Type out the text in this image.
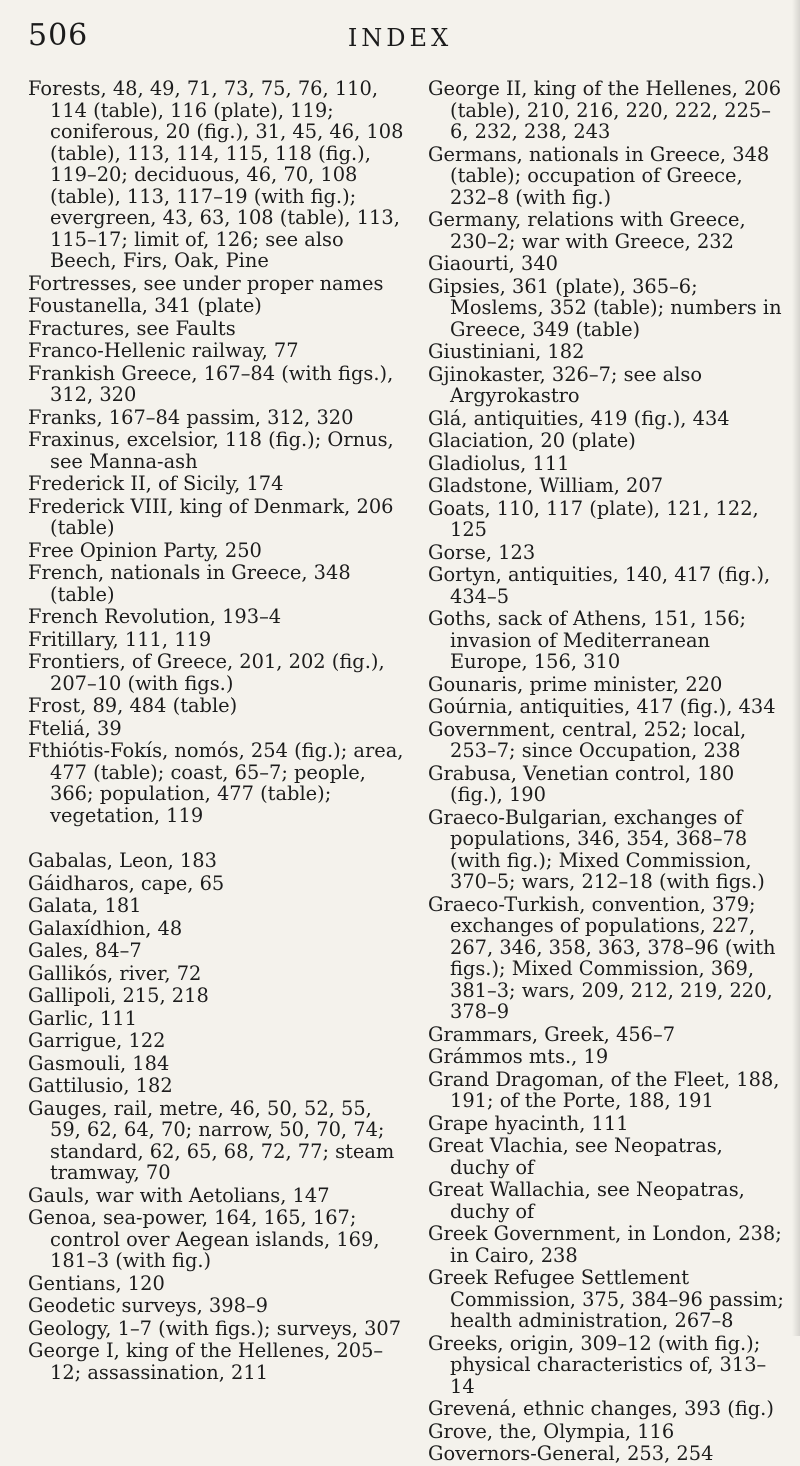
506	INDEX
Forests, 48, 49, 71, 73, 75, 76, 110, 114 (table), 116 (plate), 119; coniferous, 20 (fig.), 31, 45, 46, 108 (table), 113, 114, 115, 118 (fig.), 119–20; deciduous, 46, 70, 108 (table), 113, 117–19 (with fig.); evergreen, 43, 63, 108 (table), 113, 115–17; limit of, 126; see also Beech, Firs, Oak, Pine
Fortresses, see under proper names
Foustanella, 341 (plate)
Fractures, see Faults
Franco-Hellenic railway, 77
Frankish Greece, 167–84 (with figs.), 312, 320
Franks, 167–84 passim, 312, 320
Fraxinus, excelsior, 118 (fig.); Ornus, see Manna-ash
Frederick II, of Sicily, 174
Frederick VIII, king of Denmark, 206 (table)
Free Opinion Party, 250
French, nationals in Greece, 348 (table)
French Revolution, 193–4
Fritillary, 111, 119
Frontiers, of Greece, 201, 202 (fig.), 207–10 (with figs.)
Frost, 89, 484 (table)
Fteliá, 39
Fthiótis-Fokís, nomós, 254 (fig.); area, 477 (table); coast, 65–7; people, 366; population, 477 (table); vegetation, 119
Gabalas, Leon, 183
Gáidharos, cape, 65
Galata, 181
Galaxídhion, 48
Gales, 84–7
Gallikós, river, 72
Gallipoli, 215, 218
Garlic, 111
Garrigue, 122
Gasmouli, 184
Gattilusio, 182
Gauges, rail, metre, 46, 50, 52, 55, 59, 62, 64, 70; narrow, 50, 70, 74; standard, 62, 65, 68, 72, 77; steam tramway, 70
Gauls, war with Aetolians, 147
Genoa, sea-power, 164, 165, 167; control over Aegean islands, 169, 181–3 (with fig.)
Gentians, 120
Geodetic surveys, 398–9
Geology, 1–7 (with figs.); surveys, 307
George I, king of the Hellenes, 205–12; assassination, 211
George II, king of the Hellenes, 206 (table), 210, 216, 220, 222, 225–6, 232, 238, 243
Germans, nationals in Greece, 348 (table); occupation of Greece, 232–8 (with fig.)
Germany, relations with Greece, 230–2; war with Greece, 232
Giaourti, 340
Gipsies, 361 (plate), 365–6; Moslems, 352 (table); numbers in Greece, 349 (table)
Giustiniani, 182
Gjinokaster, 326–7; see also Argyrokastro
Glá, antiquities, 419 (fig.), 434
Glaciation, 20 (plate)
Gladiolus, 111
Gladstone, William, 207
Goats, 110, 117 (plate), 121, 122, 125
Gorse, 123
Gortyn, antiquities, 140, 417 (fig.), 434–5
Goths, sack of Athens, 151, 156; invasion of Mediterranean Europe, 156, 310
Gounaris, prime minister, 220
Goúrnia, antiquities, 417 (fig.), 434
Government, central, 252; local, 253–7; since Occupation, 238
Grabusa, Venetian control, 180 (fig.), 190
Graeco-Bulgarian, exchanges of populations, 346, 354, 368–78 (with fig.); Mixed Commission, 370–5; wars, 212–18 (with figs.)
Graeco-Turkish, convention, 379; exchanges of populations, 227, 267, 346, 358, 363, 378–96 (with figs.); Mixed Commission, 369, 381–3; wars, 209, 212, 219, 220, 378–9
Grammars, Greek, 456–7
Grámmos mts., 19
Grand Dragoman, of the Fleet, 188, 191; of the Porte, 188, 191
Grape hyacinth, 111
Great Vlachia, see Neopatras, duchy of
Great Wallachia, see Neopatras, duchy of
Greek Government, in London, 238; in Cairo, 238
Greek Refugee Settlement Commission, 375, 384–96 passim; health administration, 267–8
Greeks, origin, 309–12 (with fig.); physical characteristics of, 313–14
Grevená, ethnic changes, 393 (fig.)
Grove, the, Olympia, 116
Governors-General, 253, 254
